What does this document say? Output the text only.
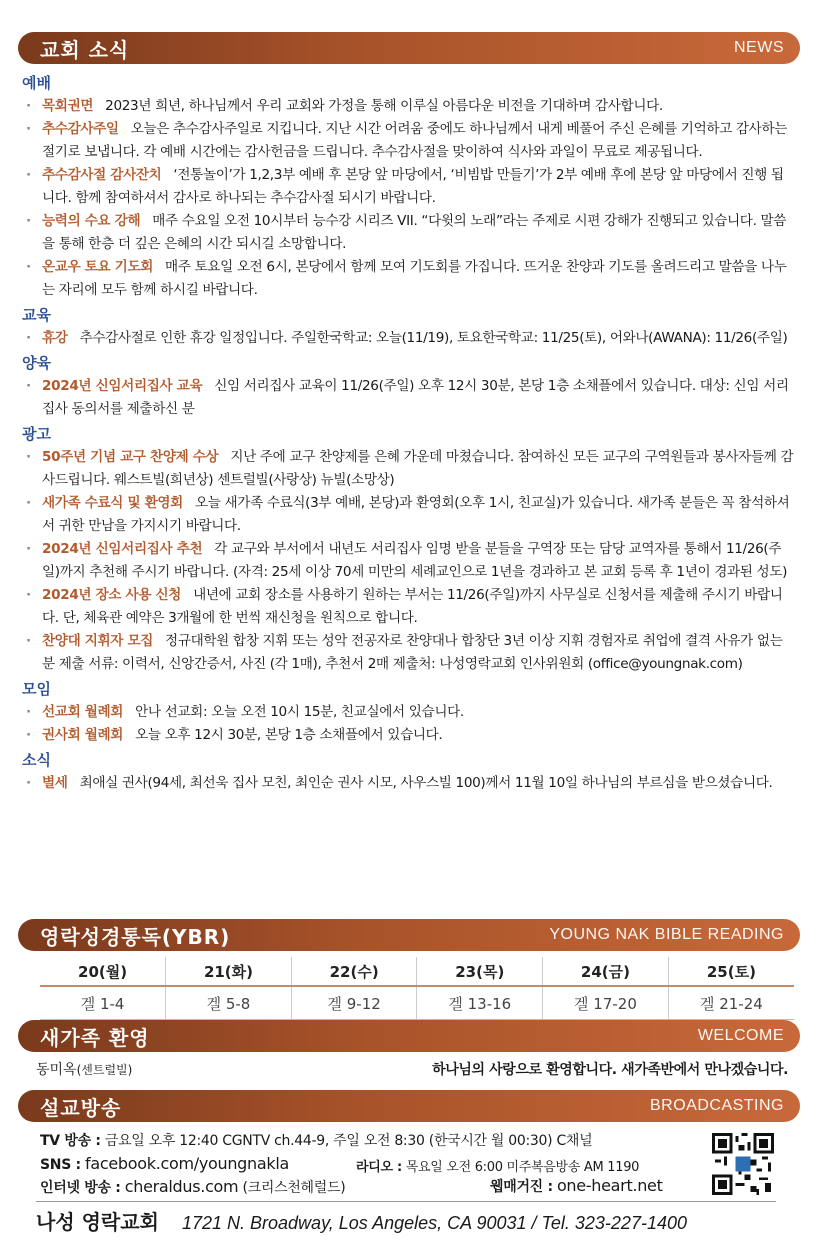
교회 소식	NEWS
예배
· 목회권면 2023년 희년, 하나님께서 우리 교회와 가정을 통해 이루실 아름다운 비전을 기대하며 감사합니다.
· 추수감사주일 오늘은 추수감사주일로 지킵니다. 지난 시간 어려움 중에도 하나님께서 내게 베풀어 주신 은혜를 기억하고 감사하는 절기로 보냅니다. 각 예배 시간에는 감사헌금을 드립니다. 추수감사절을 맞이하여 식사와 과일이 무료로 제공됩니다.
· 추수감사절 감사잔치 ‘전통놀이’가 1,2,3부 예배 후 본당 앞 마당에서, ‘비빔밥 만들기’가 2부 예배 후에 본당 앞 마당에서 진행 됩니다. 함께 참여하셔서 감사로 하나되는 추수감사절 되시기 바랍니다.
· 능력의 수요 강해 매주 수요일 오전 10시부터 능수강 시리즈 VII. “다윗의 노래”라는 주제로 시편 강해가 진행되고 있습니다. 말씀을 통해 한층 더 깊은 은혜의 시간 되시길 소망합니다.
· 온교우 토요 기도회 매주 토요일 오전 6시, 본당에서 함께 모여 기도회를 가집니다. 뜨거운 찬양과 기도를 올려드리고 말씀을 나누는 자리에 모두 함께 하시길 바랍니다.
교육
· 휴강 추수감사절로 인한 휴강 일정입니다. 주일한국학교: 오늘(11/19), 토요한국학교: 11/25(토), 어와나(AWANA): 11/26(주일)
양육
· 2024년 신임서리집사 교육 신임 서리집사 교육이 11/26(주일) 오후 12시 30분, 본당 1층 소채플에서 있습니다. 대상: 신임 서리집사 동의서를 제출하신 분
광고
· 50주년 기념 교구 찬양제 수상 지난 주에 교구 찬양제를 은혜 가운데 마쳤습니다. 참여하신 모든 교구의 구역원들과 봉사자들께 감사드립니다. 웨스트빌(희년상) 센트럴빌(사랑상) 뉴빌(소망상)
· 새가족 수료식 및 환영회 오늘 새가족 수료식(3부 예배, 본당)과 환영회(오후 1시, 친교실)가 있습니다. 새가족 분들은 꼭 참석하셔서 귀한 만남을 가지시기 바랍니다.
· 2024년 신임서리집사 추천 각 교구와 부서에서 내년도 서리집사 임명 받을 분들을 구역장 또는 담당 교역자를 통해서 11/26(주일)까지 추천해 주시기 바랍니다. (자격: 25세 이상 70세 미만의 세례교인으로 1년을 경과하고 본 교회 등록 후 1년이 경과된 성도)
· 2024년 장소 사용 신청 내년에 교회 장소를 사용하기 원하는 부서는 11/26(주일)까지 사무실로 신청서를 제출해 주시기 바랍니다. 단, 체육관 예약은 3개월에 한 번씩 재신청을 원칙으로 합니다.
· 찬양대 지휘자 모집 정규대학원 합창 지휘 또는 성악 전공자로 찬양대나 합창단 3년 이상 지휘 경험자로 취업에 결격 사유가 없는 분 제출 서류: 이력서, 신앙간증서, 사진 (각 1매), 추천서 2매 제출처: 나성영락교회 인사위원회 (office@youngnak.com)
모임
· 선교회 월례회 안나 선교회: 오늘 오전 10시 15분, 친교실에서 있습니다.
· 권사회 월례회 오늘 오후 12시 30분, 본당 1층 소채플에서 있습니다.
소식
· 별세 최애실 권사(94세, 최선욱 집사 모친, 최인순 권사 시모, 사우스빌 100)께서 11월 10일 하나님의 부르심을 받으셨습니다.
영락성경통독(YBR)	YOUNG NAK BIBLE READING
20(월)	21(화)	22(수)	23(목)	24(금)	25(토)
겔 1-4	겔 5-8	겔 9-12	겔 13-16	겔 17-20	겔 21-24
새가족 환영	WELCOME
동미옥(센트럴빌)	하나님의 사랑으로 환영합니다. 새가족반에서 만나겠습니다.
설교방송	BROADCASTING
TV 방송 : 금요일 오후 12:40 CGNTV ch.44-9, 주일 오전 8:30 (한국시간 월 00:30) C채널
SNS : facebook.com/youngnakla	라디오 : 목요일 오전 6:00 미주복음방송 AM 1190
인터넷 방송 : cheraldus.com (크리스천헤럴드)	웹매거진 : one-heart.net
나성 영락교회 1721 N. Broadway, Los Angeles, CA 90031 / Tel. 323-227-1400
